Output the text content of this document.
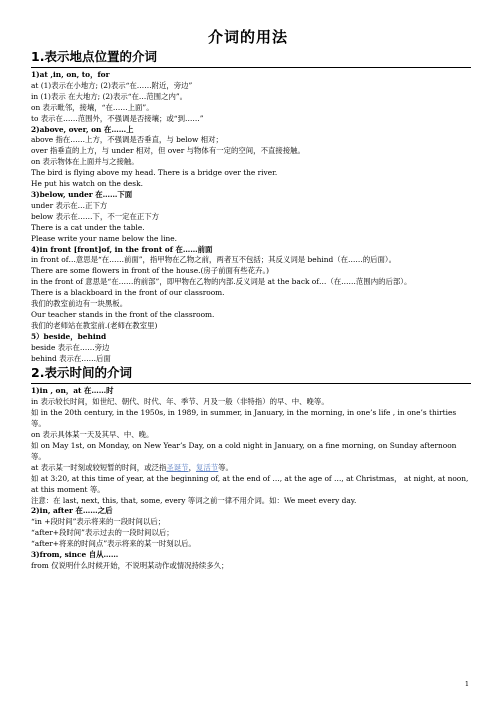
介词的用法
1.表示地点位置的介词

1)at ,in, on, to，for

at (1)表示在小地方; (2)表示“在……附近，旁边”

in (1)表示 在大地方; (2)表示“在…范围之内”。

on 表示毗邻，接壤，“在……上面”。

to 表示在……范围外，不强调是否接壤；或“到……”

2)above, over, on 在……上

above 指在……上方，不强调是否垂直，与 below 相对；

over 指垂直的上方，与 under 相对，但 over 与物体有一定的空间，不直接接触。

on 表示物体在上面并与之接触。

The bird is flying above my head. There is a bridge over the river.

He put his watch on the desk.

3)below, under 在……下面

under 表示在…正下方

below 表示在……下，不一定在正下方

There is a cat under the table.

Please write your name below the line.

4)in front [front]of, in the front of 在……前面

in front of…意思是“在……前面”，指甲物在乙物之前，两者互不包括；其反义词是 behind（在……的后面）。

There are some flowers in front of the house.(房子前面有些花卉。)

in the front of 意思是“在……的前部”，即甲物在乙物的内部.反义词是 at the back of…（在……范围内的后部）。

There is a blackboard in the front of our classroom.

我们的教室前边有一块黑板。

Our teacher stands in the front of the classroom.

我们的老师站在教室前.(老师在教室里)

5）beside，behind

beside 表示在……旁边

behind 表示在……后面

2.表示时间的介词

1)in , on，at 在……时

in 表示较长时间，如世纪、朝代、时代、年、季节、月及一般（非特指）的早、中、晚等。

如 in the 20th century, in the 1950s, in 1989, in summer, in January, in the morning, in one’s life , in one’s thirties 等。

on 表示具体某一天及其早、中、晚。

如 on May 1st, on Monday, on New Year’s Day, on a cold night in January, on a fine morning, on Sunday afternoon 等。

at 表示某一时刻或较短暂的时间，或泛指圣诞节，复活节等。

如 at 3:20, at this time of year, at the beginning of, at the end of …, at the age of …, at Christmas， at night, at noon, at this moment 等。

注意：在 last, next, this, that, some, every 等词之前一律不用介词。如：We meet every day.

2)in, after 在……之后

“in +段时间”表示将来的一段时间以后；

“after+段时间”表示过去的一段时间以后；

“after+将来的时间点”表示将来的某一时刻以后。

3)from, since 自从……

from 仅说明什么时候开始，不说明某动作或情况持续多久；

1
